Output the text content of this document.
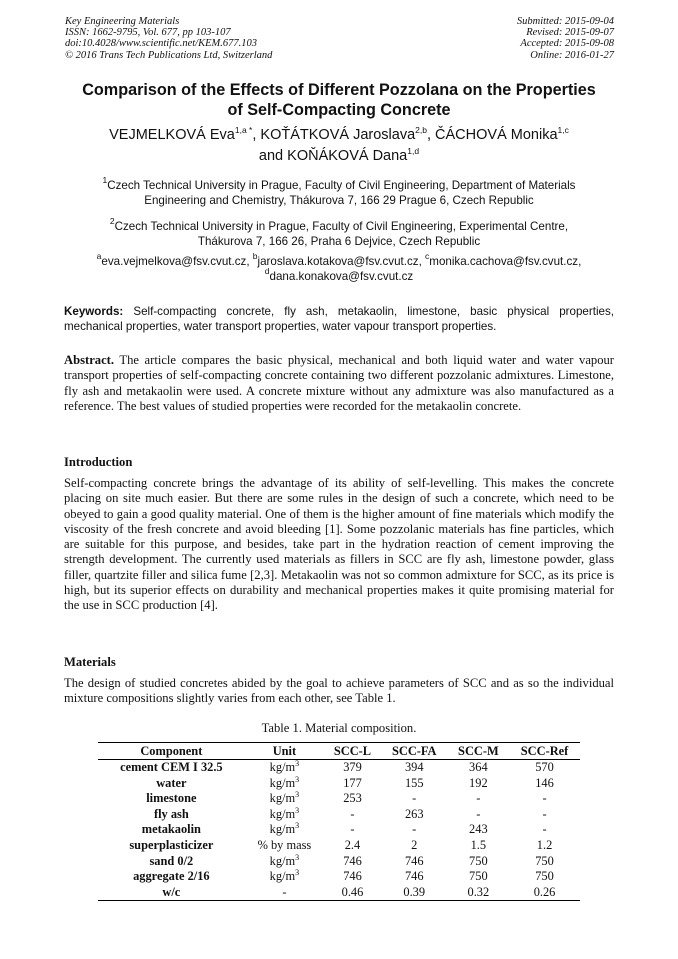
Key Engineering Materials
ISSN: 1662-9795, Vol. 677, pp 103-107
doi:10.4028/www.scientific.net/KEM.677.103
© 2016 Trans Tech Publications Ltd, Switzerland
Submitted: 2015-09-04
Revised: 2015-09-07
Accepted: 2015-09-08
Online: 2016-01-27
Comparison of the Effects of Different Pozzolana on the Properties
of Self-Compacting Concrete
VEJMELKOVÁ Eva$^{1,a *}$, KOŤÁTKOVÁ Jaroslava$^{2,b}$, ČÁCHOVÁ Monika$^{1,c}$
and KOŇÁKOVÁ Dana$^{1,d}$
$^1$Czech Technical University in Prague, Faculty of Civil Engineering, Department of Materials
Engineering and Chemistry, Thákurova 7, 166 29 Prague 6, Czech Republic
$^2$Czech Technical University in Prague, Faculty of Civil Engineering, Experimental Centre,
Thákurova 7, 166 26, Praha 6 Dejvice, Czech Republic
$^a$eva.vejmelkova@fsv.cvut.cz, $^b$jaroslava.kotakova@fsv.cvut.cz, $^c$monika.cachova@fsv.cvut.cz,
$^d$dana.konakova@fsv.cvut.cz
Keywords: Self-compacting concrete, fly ash, metakaolin, limestone, basic physical properties, mechanical properties, water transport properties, water vapour transport properties.
Abstract. The article compares the basic physical, mechanical and both liquid water and water vapour transport properties of self-compacting concrete containing two different pozzolanic admixtures. Limestone, fly ash and metakaolin were used. A concrete mixture without any admixture was also manufactured as a reference. The best values of studied properties were recorded for the metakaolin concrete.
Introduction
Self-compacting concrete brings the advantage of its ability of self-levelling. This makes the concrete placing on site much easier. But there are some rules in the design of such a concrete, which need to be obeyed to gain a good quality material. One of them is the higher amount of fine materials which modify the viscosity of the fresh concrete and avoid bleeding [1]. Some pozzolanic materials has fine particles, which are suitable for this purpose, and besides, take part in the hydration reaction of cement improving the strength development. The currently used materials as fillers in SCC are fly ash, limestone powder, glass filler, quartzite filler and silica fume [2,3]. Metakaolin was not so common admixture for SCC, as its price is high, but its superior effects on durability and mechanical properties makes it quite promising material for the use in SCC production [4].
Materials
The design of studied concretes abided by the goal to achieve parameters of SCC and as so the individual mixture compositions slightly varies from each other, see Table 1.
Table 1. Material composition.
Component	Unit	SCC-L	SCC-FA	SCC-M	SCC-Ref
cement CEM I 32.5	$kg/m^3$	379	394	364	570
water	$kg/m^3$	177	155	192	146
limestone	$kg/m^3$	253	-	-	-
fly ash	$kg/m^3$	-	263	-	-
metakaolin	$kg/m^3$	-	-	243	-
superplasticizer	% by mass	2.4	2	1.5	1.2
sand 0/2	$kg/m^3$	746	746	750	750
aggregate 2/16	$kg/m^3$	746	746	750	750
w/c	-	0.46	0.39	0.32	0.26
